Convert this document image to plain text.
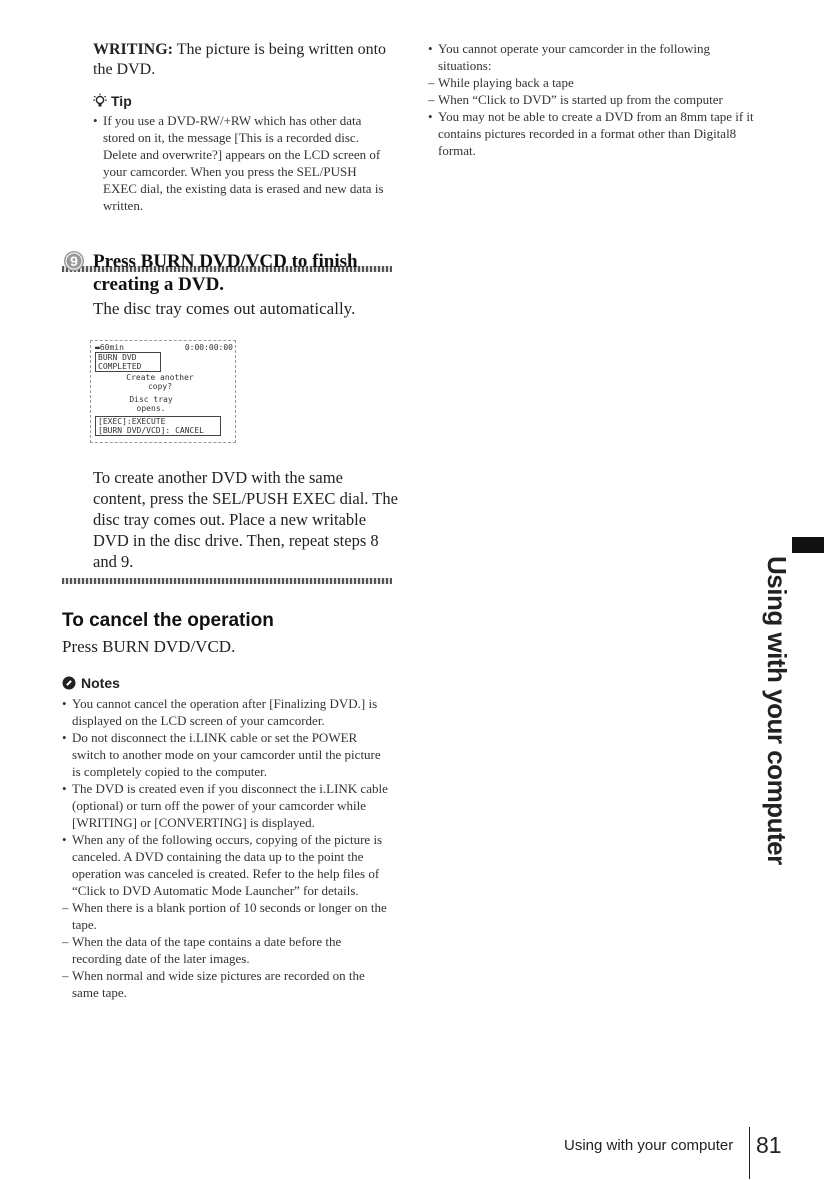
WRITING: The picture is being written onto the DVD.
Tip
• If you use a DVD-RW/+RW which has other data stored on it, the message [This is a recorded disc. Delete and overwrite?] appears on the LCD screen of your camcorder. When you press the SEL/PUSH EXEC dial, the existing data is erased and new data is written.
9 Press BURN DVD/VCD to finish
creating a DVD.
The disc tray comes out automatically.
▬60min	0:00:00:00
BURN DVD
COMPLETED
Create another
copy?
Disc tray
opens.
[EXEC]:EXECUTE
[BURN DVD/VCD]: CANCEL
To create another DVD with the same content, press the SEL/PUSH EXEC dial. The disc tray comes out. Place a new writable DVD in the disc drive. Then, repeat steps 8 and 9.
To cancel the operation
Press BURN DVD/VCD.
Notes
• You cannot cancel the operation after [Finalizing DVD.] is displayed on the LCD screen of your camcorder.
• Do not disconnect the i.LINK cable or set the POWER switch to another mode on your camcorder until the picture is completely copied to the computer.
• The DVD is created even if you disconnect the i.LINK cable (optional) or turn off the power of your camcorder while [WRITING] or [CONVERTING] is displayed.
• When any of the following occurs, copying of the picture is canceled. A DVD containing the data up to the point the operation was canceled is created. Refer to the help files of “Click to DVD Automatic Mode Launcher” for details.
– When there is a blank portion of 10 seconds or longer on the tape.
– When the data of the tape contains a date before the recording date of the later images.
– When normal and wide size pictures are recorded on the same tape.
• You cannot operate your camcorder in the following situations:
– While playing back a tape
– When “Click to DVD” is started up from the computer
• You may not be able to create a DVD from an 8mm tape if it contains pictures recorded in a format other than Digital8 format.
Using with your computer
Using with your computer 81
